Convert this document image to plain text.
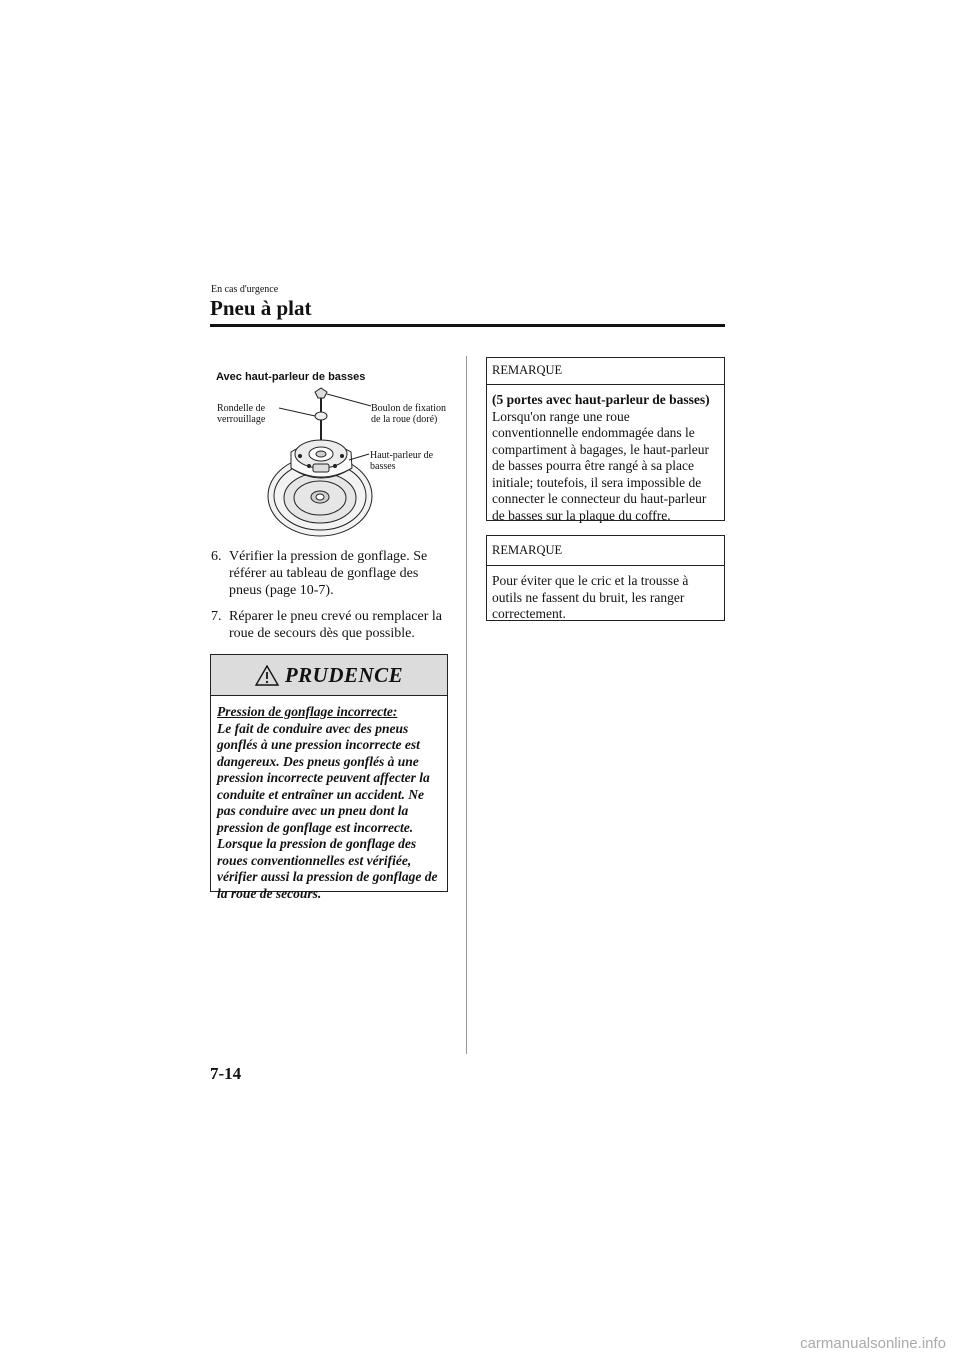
En cas d'urgence
Pneu à plat
Avec haut-parleur de basses
Rondelle de verrouillage
Boulon de fixation de la roue (doré)
Haut-parleur de basses
6. Vérifier la pression de gonflage. Se référer au tableau de gonflage des pneus (page 10-7).
7. Réparer le pneu crevé ou remplacer la roue de secours dès que possible.
PRUDENCE
Pression de gonflage incorrecte:
Le fait de conduire avec des pneus gonflés à une pression incorrecte est dangereux. Des pneus gonflés à une pression incorrecte peuvent affecter la conduite et entraîner un accident. Ne pas conduire avec un pneu dont la pression de gonflage est incorrecte. Lorsque la pression de gonflage des roues conventionnelles est vérifiée, vérifier aussi la pression de gonflage de la roue de secours.
REMARQUE
(5 portes avec haut-parleur de basses)
Lorsqu'on range une roue conventionnelle endommagée dans le compartiment à bagages, le haut-parleur de basses pourra être rangé à sa place initiale; toutefois, il sera impossible de connecter le connecteur du haut-parleur de basses sur la plaque du coffre.
REMARQUE
Pour éviter que le cric et la trousse à outils ne fassent du bruit, les ranger correctement.
7-14
carmanualsonline.info
